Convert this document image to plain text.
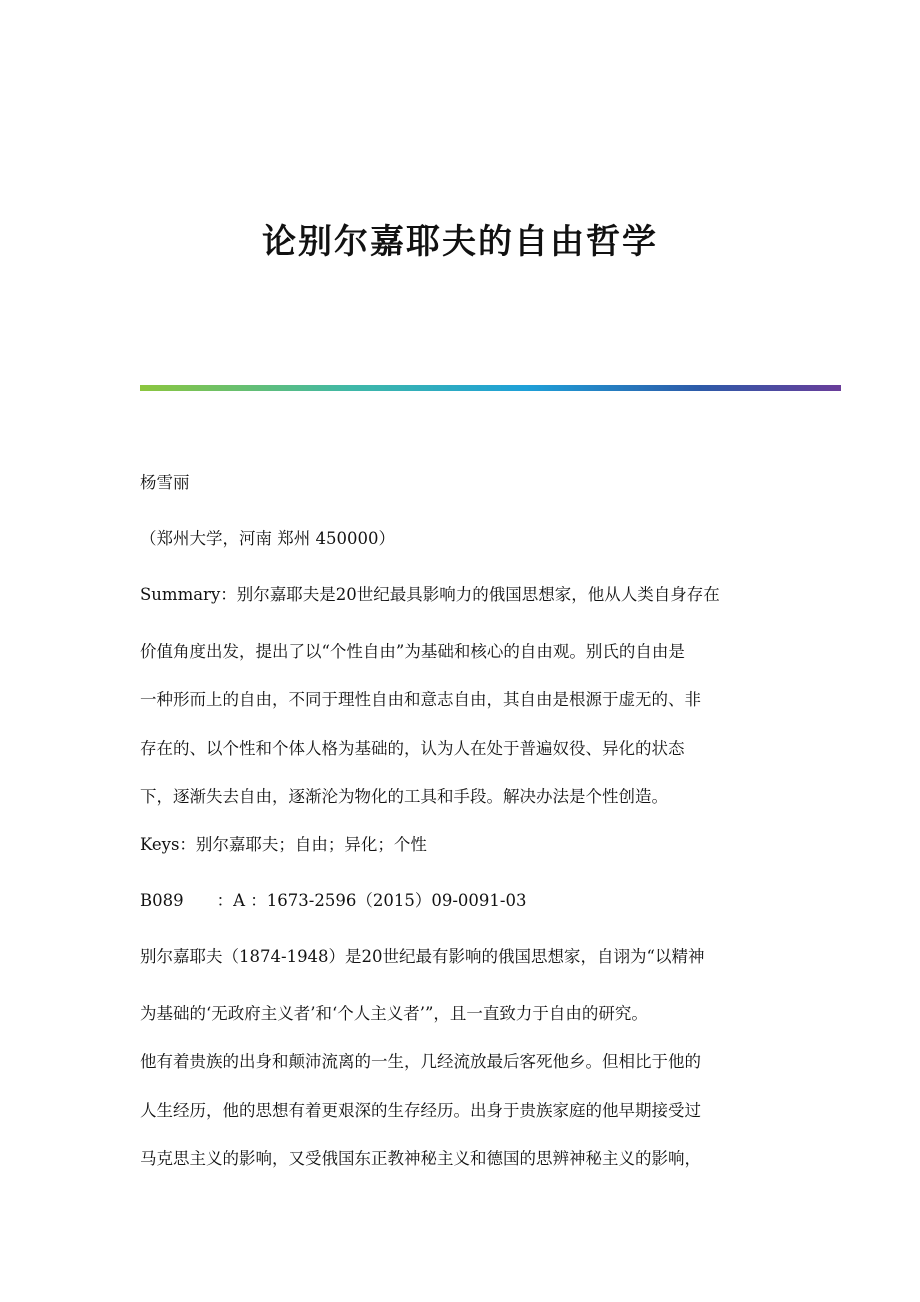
论别尔嘉耶夫的自由哲学
杨雪丽
（郑州大学，河南 郑州 450000）
Summary：别尔嘉耶夫是20世纪最具影响力的俄国思想家，他从人类自身存在
价值角度出发，提出了以“个性自由”为基础和核心的自由观。别氏的自由是
一种形而上的自由，不同于理性自由和意志自由，其自由是根源于虚无的、非
存在的、以个性和个体人格为基础的，认为人在处于普遍奴役、异化的状态
下，逐渐失去自由，逐渐沦为物化的工具和手段。解决办法是个性创造。
Keys：别尔嘉耶夫；自由；异化；个性
B089　　：A ：1673-2596（2015）09-0091-03
别尔嘉耶夫（1874-1948）是20世纪最有影响的俄国思想家，自诩为“以精神
为基础的‘无政府主义者’和‘个人主义者’”，且一直致力于自由的研究。
他有着贵族的出身和颠沛流离的一生，几经流放最后客死他乡。但相比于他的
人生经历，他的思想有着更艰深的生存经历。出身于贵族家庭的他早期接受过
马克思主义的影响，又受俄国东正教神秘主义和德国的思辨神秘主义的影响，
